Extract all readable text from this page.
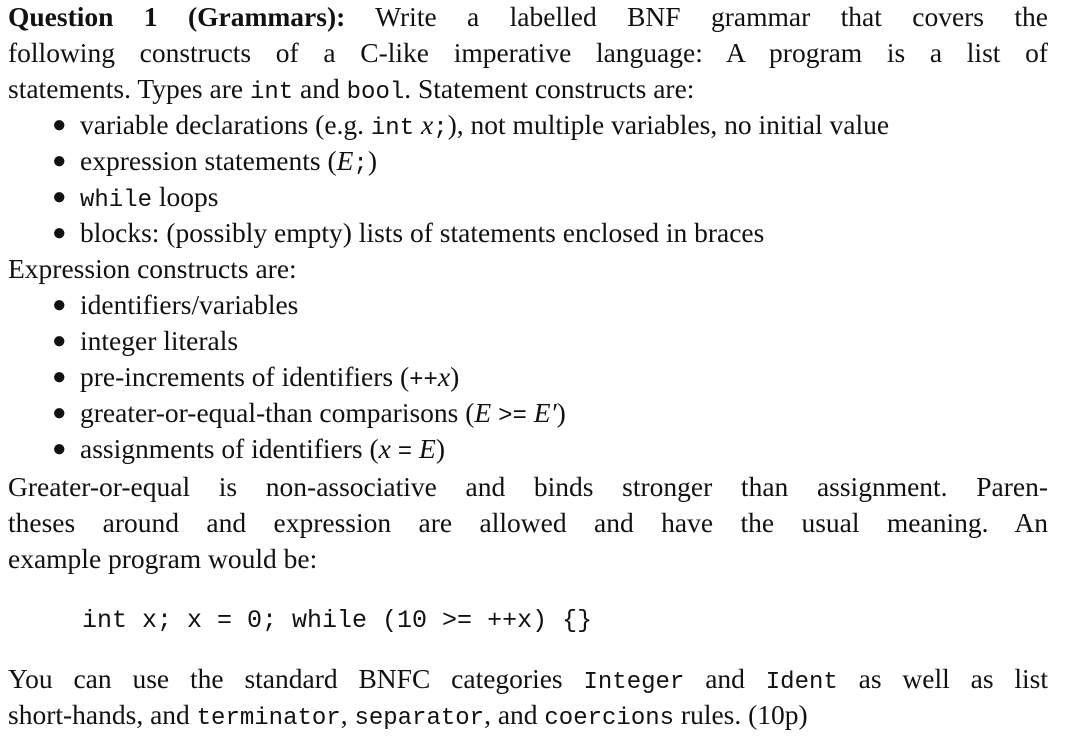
Question 1 (Grammars): Write a labelled BNF grammar that covers the
following constructs of a C-like imperative language: A program is a list of
statements. Types are int and bool. Statement constructs are:
● variable declarations (e.g. int x;), not multiple variables, no initial value
● expression statements (E;)
● while loops
● blocks: (possibly empty) lists of statements enclosed in braces
Expression constructs are:
● identifiers/variables
● integer literals
● pre-increments of identifiers (++x)
● greater-or-equal-than comparisons (E >= E′)
● assignments of identifiers (x = E)
Greater-or-equal is non-associative and binds stronger than assignment. Paren-
theses around and expression are allowed and have the usual meaning. An
example program would be:
int x; x = 0; while (10 >= ++x) {}
You can use the standard BNFC categories Integer and Ident as well as list
short-hands, and terminator, separator, and coercions rules. (10p)
